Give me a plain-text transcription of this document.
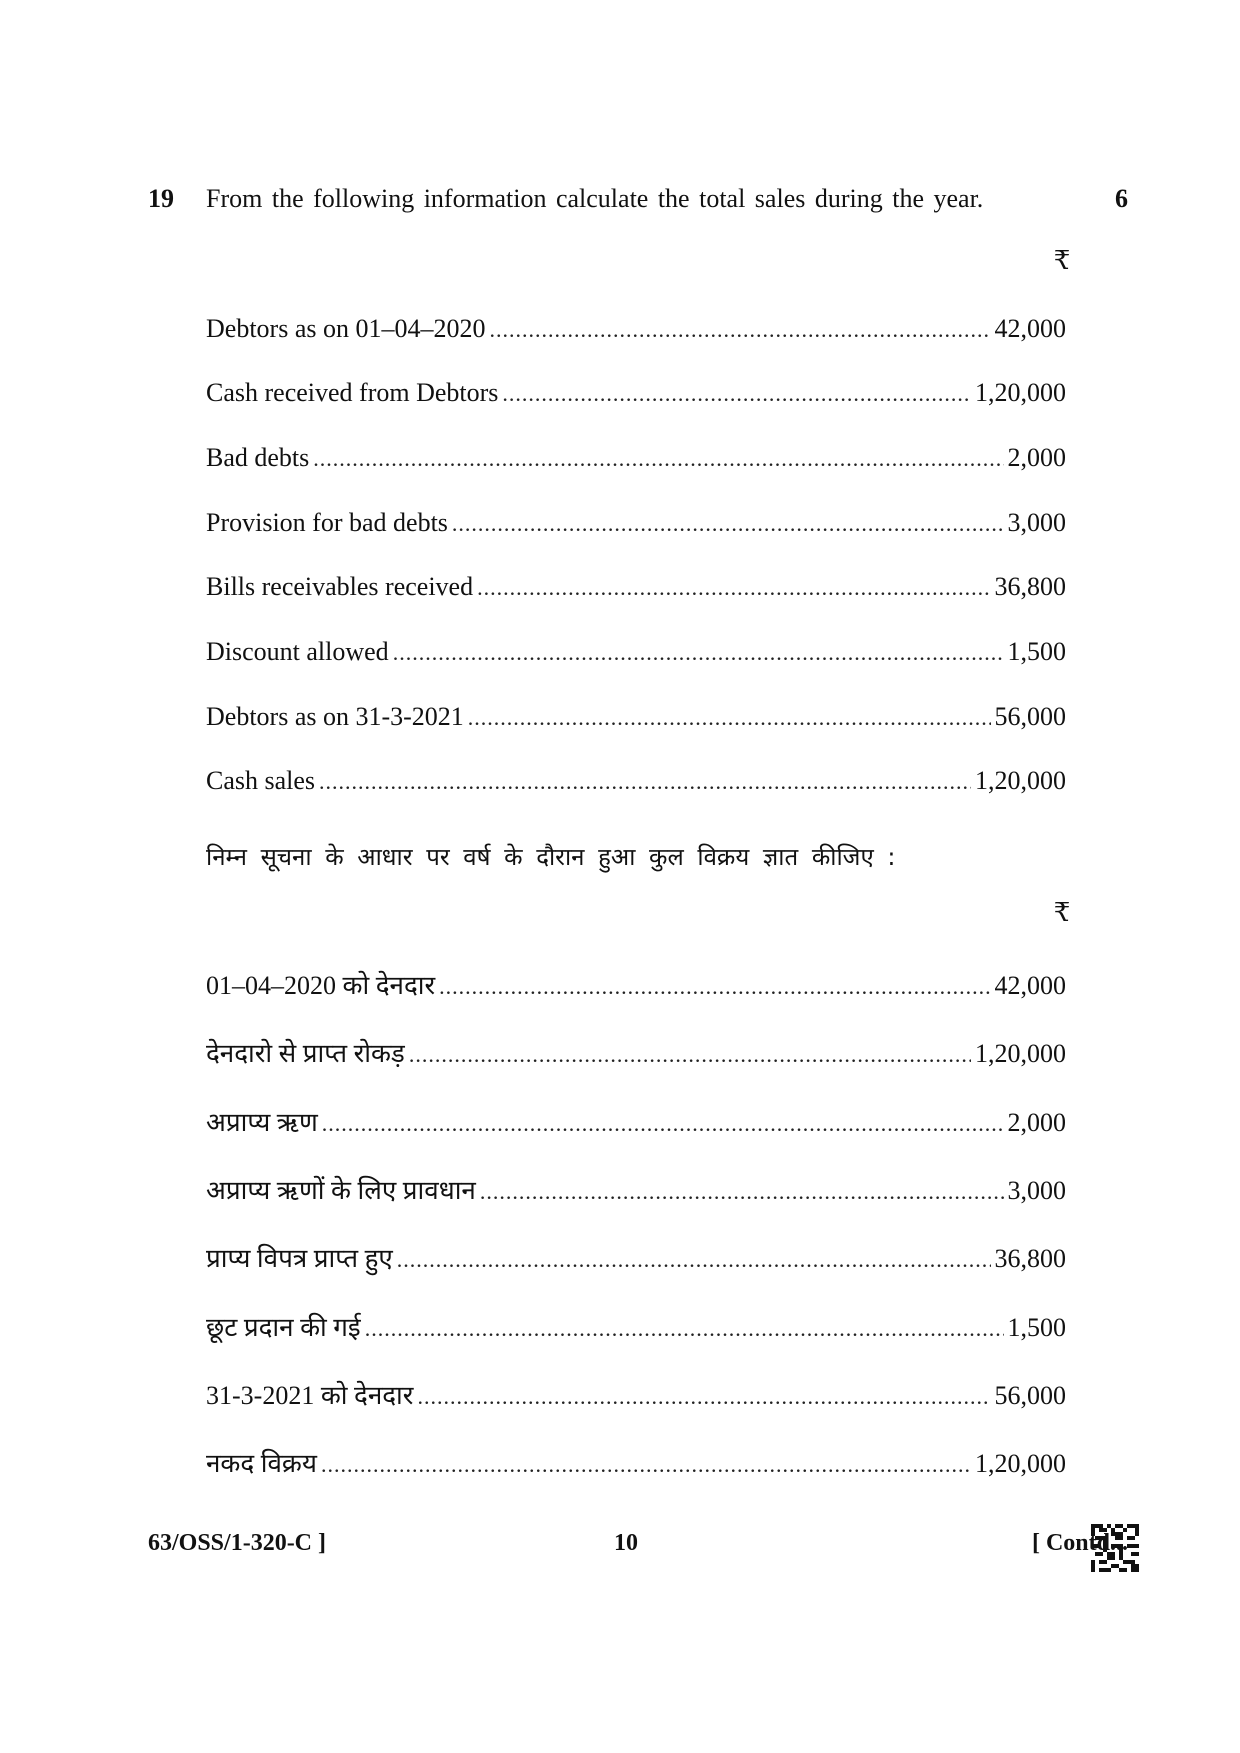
19 From the following information calculate the total sales during the year.	6
₹
Debtors as on 01–04–2020 .....	42,000
Cash received from Debtors .....	1,20,000
Bad debts .....	2,000
Provision for bad debts .....	3,000
Bills receivables received .....	36,800
Discount allowed .....	1,500
Debtors as on 31-3-2021 .....	56,000
Cash sales .....	1,20,000
निम्न सूचना के आधार पर वर्ष के दौरान हुआ कुल विक्रय ज्ञात कीजिए :
₹
01–04–2020 को देनदार .....	42,000
देनदारो से प्राप्त रोकड़ .....	1,20,000
अप्राप्य ऋण .....	2,000
अप्राप्य ऋणों के लिए प्रावधान .....	3,000
प्राप्य विपत्र प्राप्त हुए .....	36,800
छूट प्रदान की गई .....	1,500
31-3-2021 को देनदार .....	56,000
नकद विक्रय .....	1,20,000
63/OSS/1-320-C ]	10	[ Contd...
